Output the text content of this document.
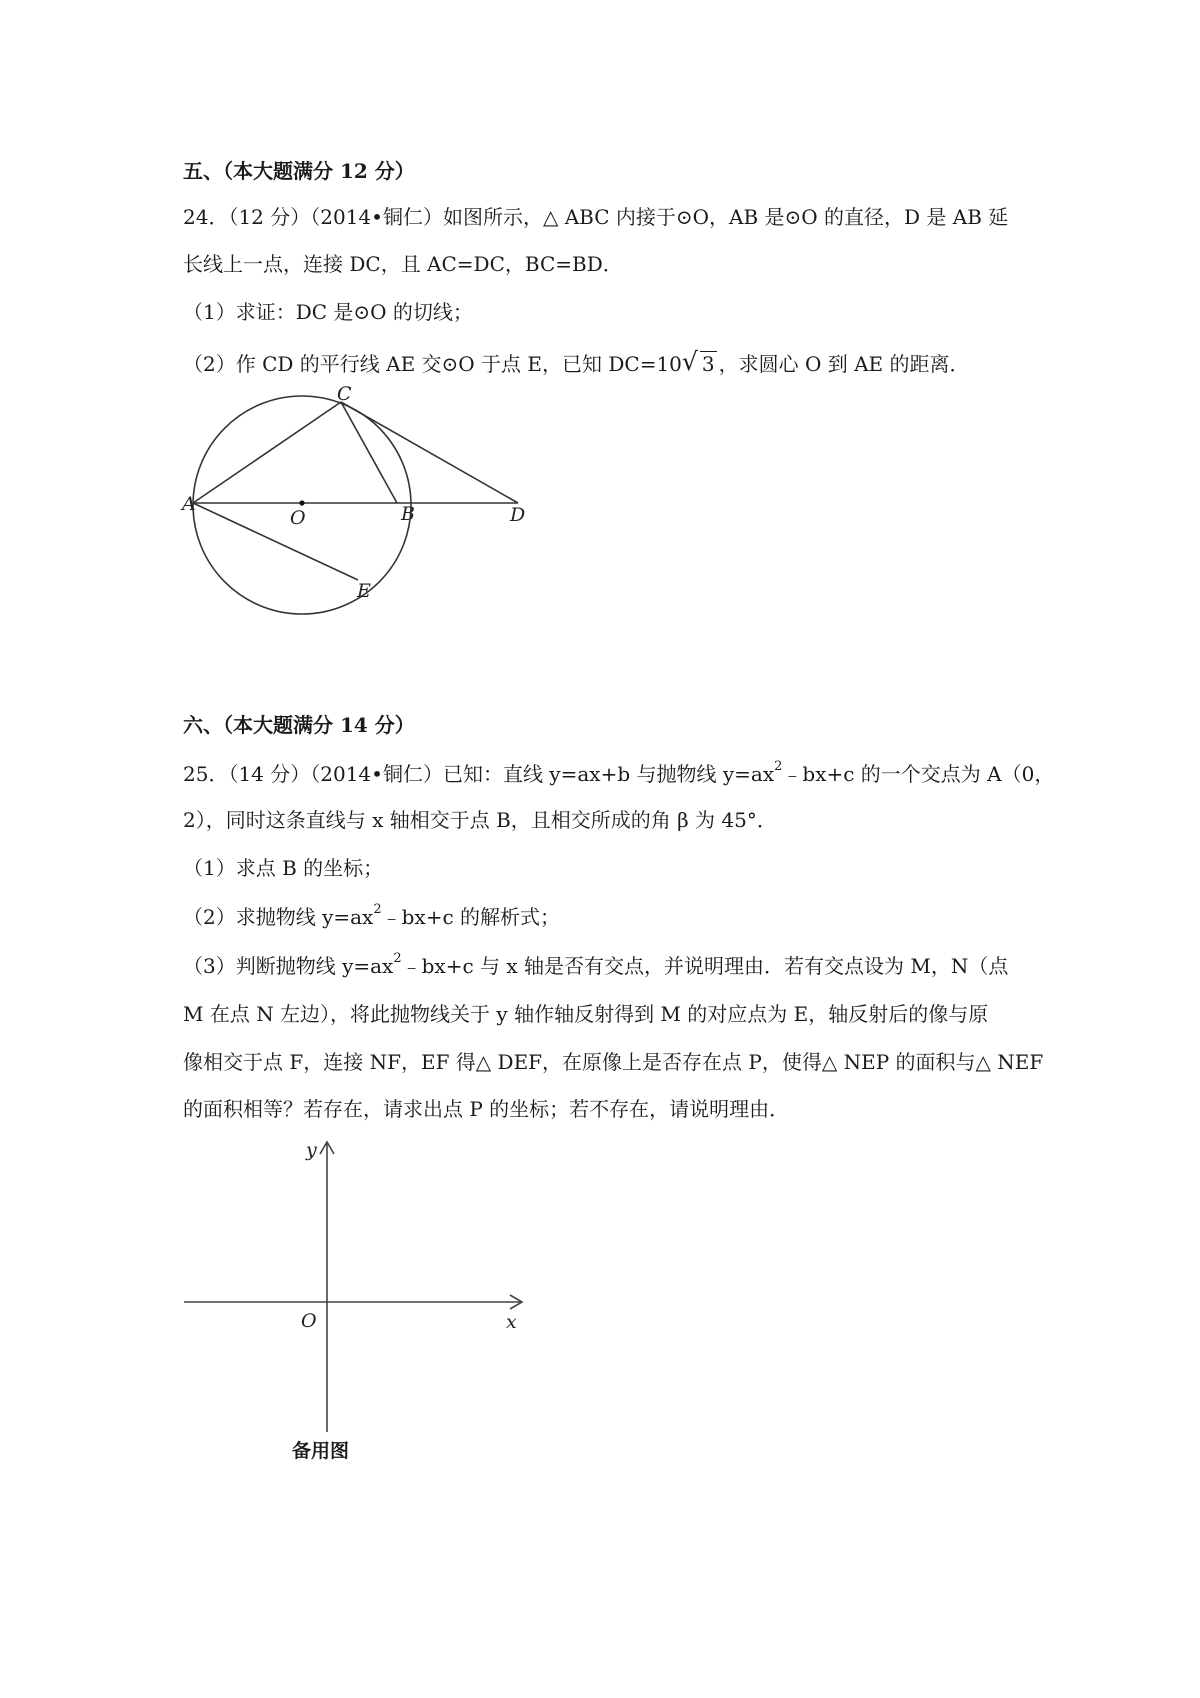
五、（本大题满分 12 分）
24．（12 分）（2014•铜仁）如图所示，△ ABC 内接于⊙O，AB 是⊙O 的直径，D 是 AB 延
长线上一点，连接 DC，且 AC=DC，BC=BD．
（1）求证：DC 是⊙O 的切线；
（2）作 CD 的平行线 AE 交⊙O 于点 E，已知 DC=10 √ 3 ，求圆心 O 到 AE 的距离．
A
O	B	D
C
E
六、（本大题满分 14 分）
25．（14 分）（2014•铜仁）已知：直线 y=ax+b 与抛物线 $y=ax^2﹣bx+c$ 的一个交点为 A（0，
2），同时这条直线与 x 轴相交于点 B，且相交所成的角 β 为 45°．
（1）求点 B 的坐标；
（2）求抛物线 $y=ax^2﹣bx+c$ 的解析式；
（3）判断抛物线 $y=ax^2﹣bx+c$ 与 x 轴是否有交点，并说明理由．若有交点设为 M，N（点
M 在点 N 左边），将此抛物线关于 y 轴作轴反射得到 M 的对应点为 E，轴反射后的像与原
像相交于点 F，连接 NF，EF 得△ DEF，在原像上是否存在点 P，使得△ NEP 的面积与△ NEF
的面积相等？若存在，请求出点 P 的坐标；若不存在，请说明理由．
y
x
O
备用图
